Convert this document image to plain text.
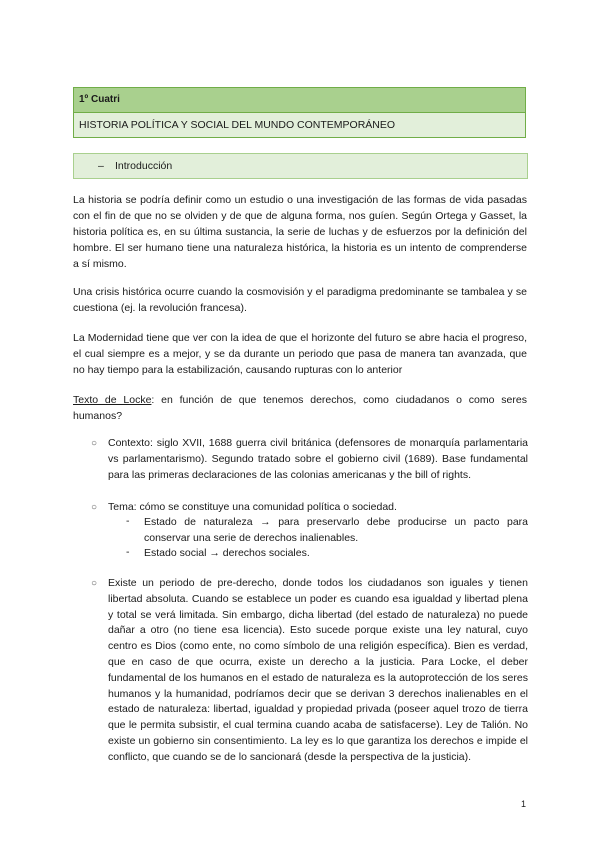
1º Cuatri
HISTORIA POLÍTICA Y SOCIAL DEL MUNDO CONTEMPORÁNEO
– Introducción

La historia se podría definir como un estudio o una investigación de las formas de vida pasadas con el fin de que no se olviden y de que de alguna forma, nos guíen. Según Ortega y Gasset, la historia política es, en su última sustancia, la serie de luchas y de esfuerzos por la definición del hombre. El ser humano tiene una naturaleza histórica, la historia es un intento de comprenderse a sí mismo.

Una crisis histórica ocurre cuando la cosmovisión y el paradigma predominante se tambalea y se cuestiona (ej. la revolución francesa).

La Modernidad tiene que ver con la idea de que el horizonte del futuro se abre hacia el progreso, el cual siempre es a mejor, y se da durante un periodo que pasa de manera tan avanzada, que no hay tiempo para la estabilización, causando rupturas con lo anterior

Texto de Locke: en función de que tenemos derechos, como ciudadanos o como seres humanos?

○ Contexto: siglo XVII, 1688 guerra civil británica (defensores de monarquía parlamentaria vs parlamentarismo). Segundo tratado sobre el gobierno civil (1689). Base fundamental para las primeras declaraciones de las colonias americanas y the bill of rights.

○ Tema: cómo se constituye una comunidad política o sociedad.

- Estado de naturaleza → para preservarlo debe producirse un pacto para conservar una serie de derechos inalienables.

- Estado social → derechos sociales.

○ Existe un periodo de pre-derecho, donde todos los ciudadanos son iguales y tienen libertad absoluta. Cuando se establece un poder es cuando esa igualdad y libertad plena y total se verá limitada. Sin embargo, dicha libertad (del estado de naturaleza) no puede dañar a otro (no tiene esa licencia). Esto sucede porque existe una ley natural, cuyo centro es Dios (como ente, no como símbolo de una religión específica). Bien es verdad, que en caso de que ocurra, existe un derecho a la justicia. Para Locke, el deber fundamental de los humanos en el estado de naturaleza es la autoprotección de los seres humanos y la humanidad, podríamos decir que se derivan 3 derechos inalienables en el estado de naturaleza: libertad, igualdad y propiedad privada (poseer aquel trozo de tierra que le permita subsistir, el cual termina cuando acaba de satisfacerse). Ley de Talión. No existe un gobierno sin consentimiento. La ley es lo que garantiza los derechos e impide el conflicto, que cuando se de lo sancionará (desde la perspectiva de la justicia).

1
